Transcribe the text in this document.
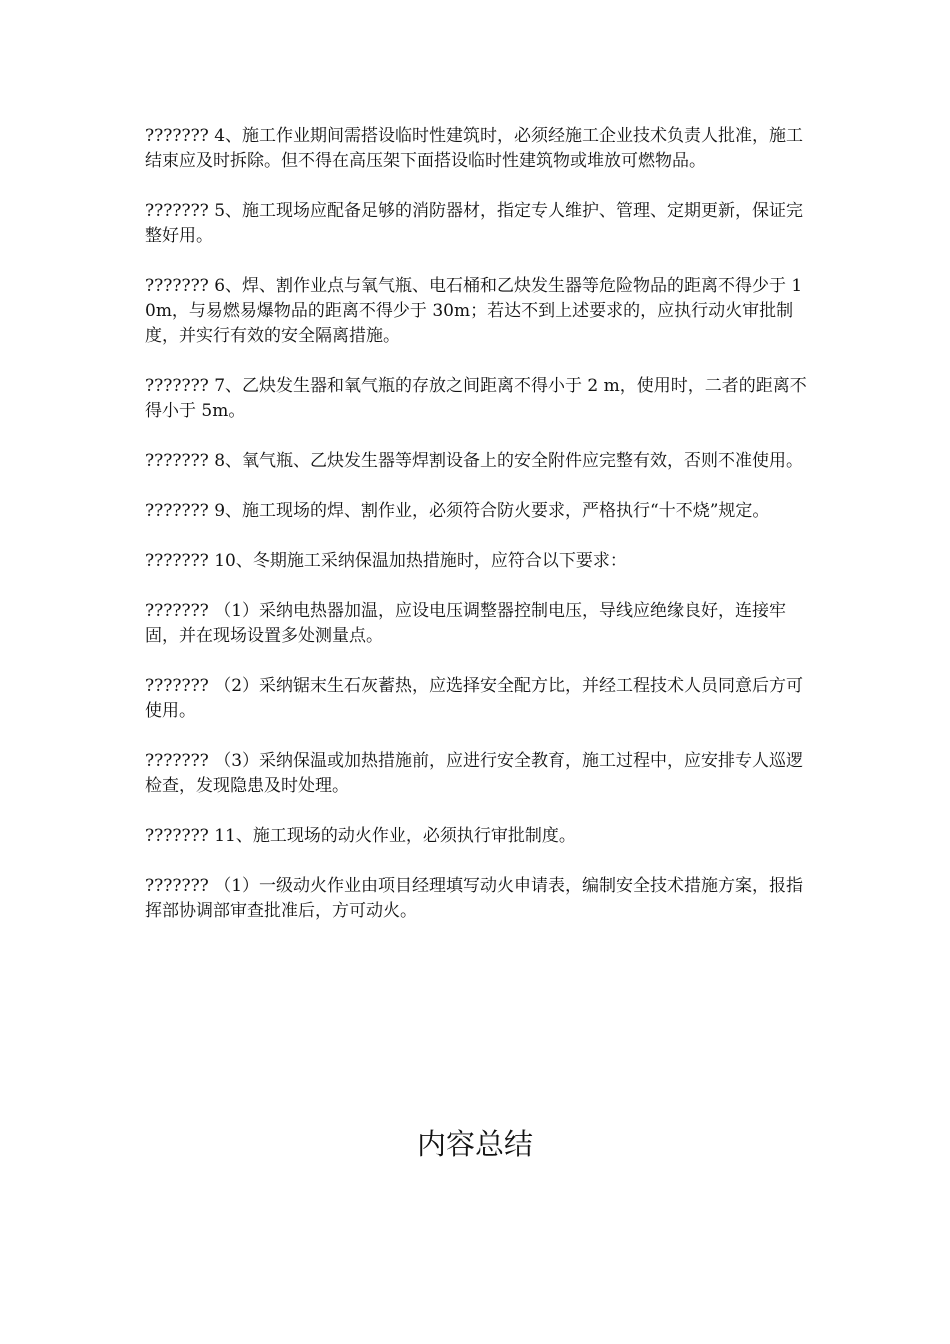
??????? 4、施工作业期间需搭设临时性建筑时，必须经施工企业技术负责人批准，施工结束应及时拆除。但不得在高压架下面搭设临时性建筑物或堆放可燃物品。

??????? 5、施工现场应配备足够的消防器材，指定专人维护、管理、定期更新，保证完整好用。

??????? 6、焊、割作业点与氧气瓶、电石桶和乙炔发生器等危险物品的距离不得少于 10m，与易燃易爆物品的距离不得少于 30m；若达不到上述要求的，应执行动火审批制度，并实行有效的安全隔离措施。

??????? 7、乙炔发生器和氧气瓶的存放之间距离不得小于 2 m，使用时，二者的距离不得小于 5m。

??????? 8、氧气瓶、乙炔发生器等焊割设备上的安全附件应完整有效，否则不准使用。

??????? 9、施工现场的焊、割作业，必须符合防火要求，严格执行“十不烧”规定。

??????? 10、冬期施工采纳保温加热措施时，应符合以下要求：

??????? （1）采纳电热器加温，应设电压调整器控制电压，导线应绝缘良好，连接牢固，并在现场设置多处测量点。

??????? （2）采纳锯末生石灰蓄热，应选择安全配方比，并经工程技术人员同意后方可使用。

??????? （3）采纳保温或加热措施前，应进行安全教育，施工过程中，应安排专人巡逻检查，发现隐患及时处理。

??????? 11、施工现场的动火作业，必须执行审批制度。

??????? （1）一级动火作业由项目经理填写动火申请表，编制安全技术措施方案，报指挥部协调部审查批准后，方可动火。

内容总结
